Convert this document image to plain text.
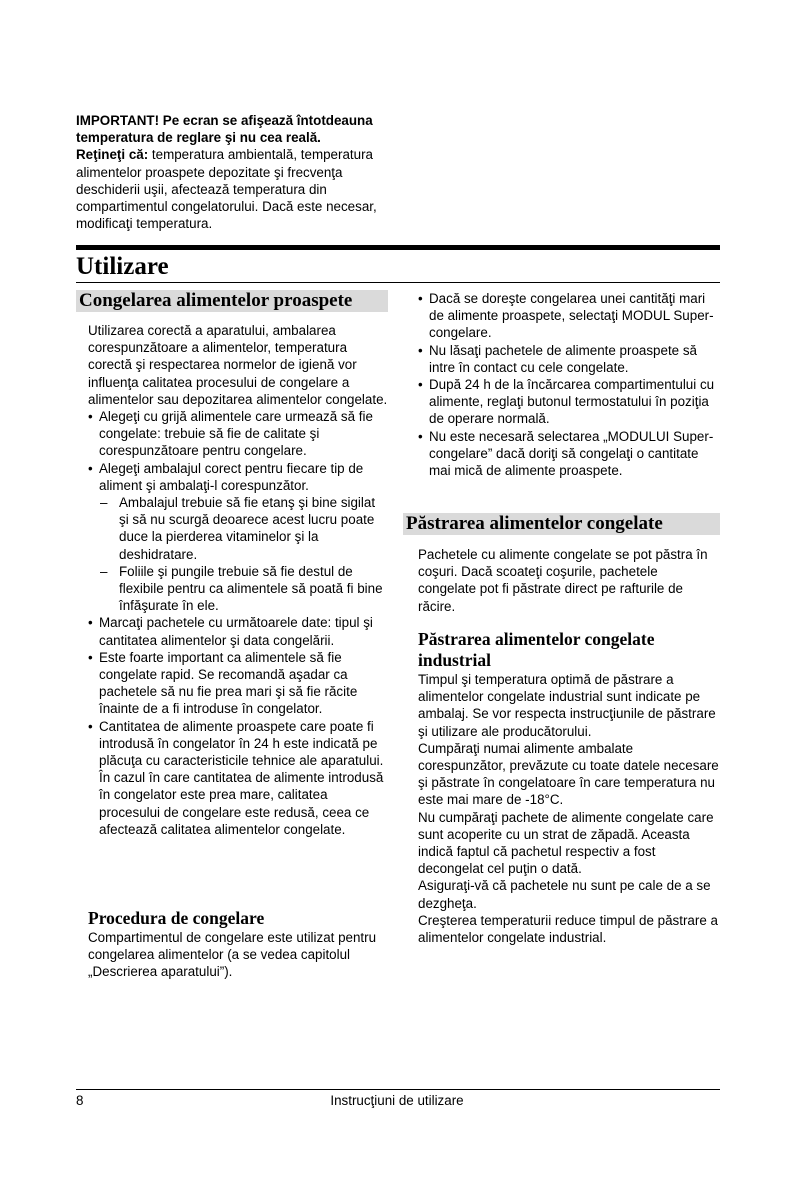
IMPORTANT! Pe ecran se afişează întotdeauna temperatura de reglare şi nu cea reală.

Reţineţi că: temperatura ambientală, temperatura alimentelor proaspete depozitate şi frecvenţa deschiderii uşii, afectează temperatura din compartimentul congelatorului. Dacă este necesar, modificaţi temperatura.

Utilizare
Congelarea alimentelor proaspete

Utilizarea corectă a aparatului, ambalarea corespunzătoare a alimentelor, temperatura corectă şi respectarea normelor de igienă vor influenţa calitatea procesului de congelare a alimentelor sau depozitarea alimentelor congelate.

• Alegeţi cu grijă alimentele care urmează să fie congelate: trebuie să fie de calitate şi corespunzătoare pentru congelare.
• Alegeţi ambalajul corect pentru fiecare tip de aliment şi ambalaţi-l corespunzător.
– Ambalajul trebuie să fie etanş şi bine sigilat şi să nu scurgă deoarece acest lucru poate duce la pierderea vitaminelor şi la deshidratare.
– Foliile şi pungile trebuie să fie destul de flexibile pentru ca alimentele să poată fi bine înfăşurate în ele.
• Marcaţi pachetele cu următoarele date: tipul şi cantitatea alimentelor şi data congelării.
• Este foarte important ca alimentele să fie congelate rapid. Se recomandă aşadar ca pachetele să nu fie prea mari şi să fie răcite înainte de a fi introduse în congelator.
• Cantitatea de alimente proaspete care poate fi introdusă în congelator în 24 h este indicată pe plăcuţa cu caracteristicile tehnice ale aparatului. În cazul în care cantitatea de alimente introdusă în congelator este prea mare, calitatea procesului de congelare este redusă, ceea ce afectează calitatea alimentelor congelate.
Procedura de congelare

Compartimentul de congelare este utilizat pentru congelarea alimentelor (a se vedea capitolul „Descrierea aparatului”).

• Dacă se doreşte congelarea unei cantităţi mari de alimente proaspete, selectaţi MODUL Super-congelare.
• Nu lăsaţi pachetele de alimente proaspete să intre în contact cu cele congelate.
• După 24 h de la încărcarea compartimentului cu alimente, reglaţi butonul termostatului în poziţia de operare normală.
• Nu este necesară selectarea „MODULUI Super-congelare” dacă doriţi să congelaţi o cantitate mai mică de alimente proaspete.
Păstrarea alimentelor congelate

Pachetele cu alimente congelate se pot păstra în coşuri. Dacă scoateţi coşurile, pachetele congelate pot fi păstrate direct pe rafturile de răcire.

Păstrarea alimentelor congelate
industrial

Timpul şi temperatura optimă de păstrare a alimentelor congelate industrial sunt indicate pe ambalaj. Se vor respecta instrucţiunile de păstrare şi utilizare ale producătorului.

Cumpăraţi numai alimente ambalate corespunzător, prevăzute cu toate datele necesare şi păstrate în congelatoare în care temperatura nu este mai mare de -18°C.

Nu cumpăraţi pachete de alimente congelate care sunt acoperite cu un strat de zăpadă. Aceasta indică faptul că pachetul respectiv a fost decongelat cel puţin o dată.

Asiguraţi-vă că pachetele nu sunt pe cale de a se dezgheţa.

Creşterea temperaturii reduce timpul de păstrare a alimentelor congelate industrial.

8	Instrucţiuni de utilizare
